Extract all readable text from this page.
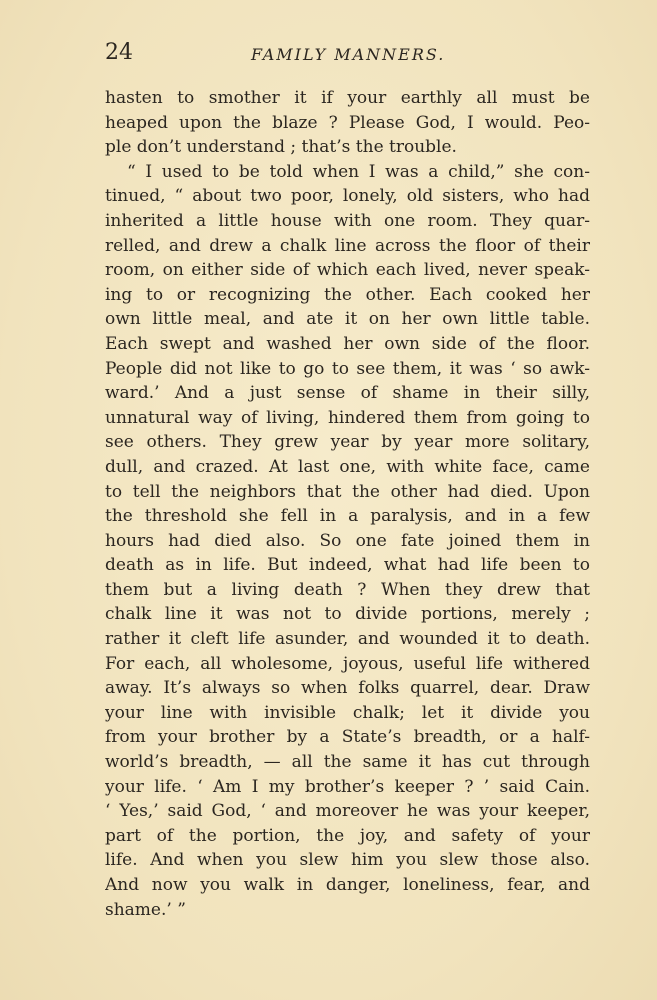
24	FAMILY MANNERS.
hasten to smother it if your earthly all must be
heaped upon the blaze ? Please God, I would. Peo-
ple don’t understand ; that’s the trouble.
“ I used to be told when I was a child,” she con-
tinued, “ about two poor, lonely, old sisters, who had
inherited a little house with one room. They quar-
relled, and drew a chalk line across the floor of their
room, on either side of which each lived, never speak-
ing to or recognizing the other. Each cooked her
own little meal, and ate it on her own little table.
Each swept and washed her own side of the floor.
People did not like to go to see them, it was ‘ so awk-
ward.’ And a just sense of shame in their silly,
unnatural way of living, hindered them from going to
see others. They grew year by year more solitary,
dull, and crazed. At last one, with white face, came
to tell the neighbors that the other had died. Upon
the threshold she fell in a paralysis, and in a few
hours had died also. So one fate joined them in
death as in life. But indeed, what had life been to
them but a living death ? When they drew that
chalk line it was not to divide portions, merely ;
rather it cleft life asunder, and wounded it to death.
For each, all wholesome, joyous, useful life withered
away. It’s always so when folks quarrel, dear. Draw
your line with invisible chalk; let it divide you
from your brother by a State’s breadth, or a half-
world’s breadth, — all the same it has cut through
your life. ‘ Am I my brother’s keeper ? ’ said Cain.
‘ Yes,’ said God, ‘ and moreover he was your keeper,
part of the portion, the joy, and safety of your
life. And when you slew him you slew those also.
And now you walk in danger, loneliness, fear, and
shame.’ ”
